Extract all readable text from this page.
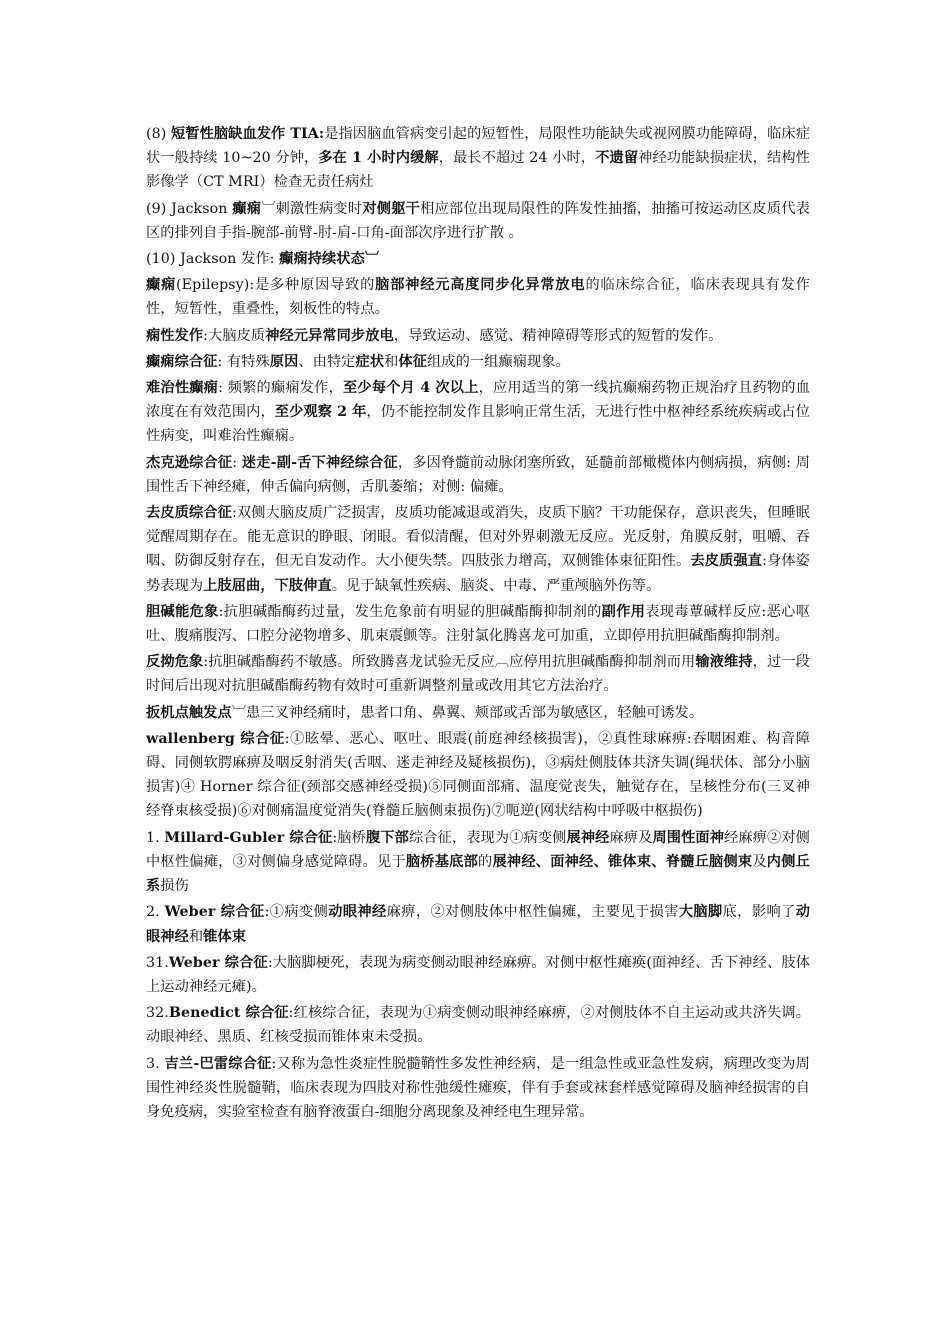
(8) 短暂性脑缺血发作 TIA:是指因脑血管病变引起的短暂性，局限性功能缺失或视网膜功能障碍，临床症状一般持续 10~20 分钟，多在 1 小时内缓解，最长不超过 24 小时，不遗留神经功能缺损症状，结构性影像学（CT MRI）检查无责任病灶

(9) Jackson 癫痫︺刺激性病变时对侧躯干相应部位出现局限性的阵发性抽搐，抽搐可按运动区皮质代表区的排列自手指-腕部-前臂-肘-肩-口角-面部次序进行扩散 。

(10) Jackson 发作: 癫痫持续状态︺

癫痫(Epilepsy):是多种原因导致的脑部神经元高度同步化异常放电的临床综合征，临床表现具有发作性，短暂性，重叠性，刻板性的特点。

痫性发作:大脑皮质神经元异常同步放电，导致运动、感觉、精神障碍等形式的短暂的发作。

癫痫综合征: 有特殊原因、由特定症状和体征组成的一组癫痫现象。

难治性癫痫: 频繁的癫痫发作，至少每个月 4 次以上，应用适当的第一线抗癫痫药物正规治疗且药物的血浓度在有效范围内，至少观察 2 年，仍不能控制发作且影响正常生活，无进行性中枢神经系统疾病或占位性病变，叫难治性癫痫。

杰克逊综合征: 迷走-副-舌下神经综合征，多因脊髓前动脉闭塞所致，延髓前部橄榄体内侧病损，病侧: 周围性舌下神经瘫，伸舌偏向病侧，舌肌萎缩；对侧: 偏瘫。

去皮质综合征:双侧大脑皮质广泛损害，皮质功能减退或消失，皮质下脑？干功能保存，意识丧失，但睡眠觉醒周期存在。能无意识的睁眼、闭眼。看似清醒，但对外界刺激无反应。光反射，角膜反射，咀嚼、吞咽、防御反射存在，但无自发动作。大小便失禁。四肢张力增高，双侧锥体束征阳性。去皮质强直:身体姿势表现为上肢屈曲，下肢伸直。见于缺氧性疾病、脑炎、中毒、严重颅脑外伤等。

胆碱能危象:抗胆碱酯酶药过量，发生危象前有明显的胆碱酯酶抑制剂的副作用表现毒蕈碱样反应:恶心呕吐、腹痛腹泻、口腔分泌物增多、肌束震颤等。注射氯化腾喜龙可加重，立即停用抗胆碱酯酶抑制剂。

反拗危象:抗胆碱酯酶药不敏感。所致腾喜龙试验无反应︹应停用抗胆碱酯酶抑制剂而用输液维持，过一段时间后出现对抗胆碱酯酶药物有效时可重新调整剂量或改用其它方法治疗。

扳机点触发点︺患三叉神经痛时，患者口角、鼻翼、颊部或舌部为敏感区，轻触可诱发。

wallenberg 综合征:①眩晕、恶心、呕吐、眼震(前庭神经核损害)，②真性球麻痹:吞咽困难、构音障碍、同侧软腭麻痹及咽反射消失(舌咽、迷走神经及疑核损伤)，③病灶侧肢体共济失调(绳状体、部分小脑损害)④ Horner 综合征(颈部交感神经受损)⑤同侧面部痛、温度觉丧失，触觉存在，呈核性分布(三叉神经脊束核受损)⑥对侧痛温度觉消失(脊髓丘脑侧束损伤)⑦呃逆(网状结构中呼吸中枢损伤)

1. Millard-Gubler 综合征:脑桥腹下部综合征，表现为①病变侧展神经麻痹及周围性面神经麻痹②对侧中枢性偏瘫，③对侧偏身感觉障碍。见于脑桥基底部的展神经、面神经、锥体束、脊髓丘脑侧束及内侧丘系损伤

2. Weber 综合征:①病变侧动眼神经麻痹，②对侧肢体中枢性偏瘫，主要见于损害大脑脚底，影响了动眼神经和锥体束

31.Weber 综合征:大脑脚梗死，表现为病变侧动眼神经麻痹。对侧中枢性瘫痪(面神经、舌下神经、肢体上运动神经元瘫)。

32.Benedict 综合征:红核综合征，表现为①病变侧动眼神经麻痹，②对侧肢体不自主运动或共济失调。动眼神经、黑质、红核受损而锥体束未受损。

3. 吉兰-巴雷综合征:又称为急性炎症性脱髓鞘性多发性神经病，是一组急性或亚急性发病，病理改变为周围性神经炎性脱髓鞘，临床表现为四肢对称性弛缓性瘫痪，伴有手套或袜套样感觉障碍及脑神经损害的自身免疫病，实验室检查有脑脊液蛋白-细胞分离现象及神经电生理异常。
